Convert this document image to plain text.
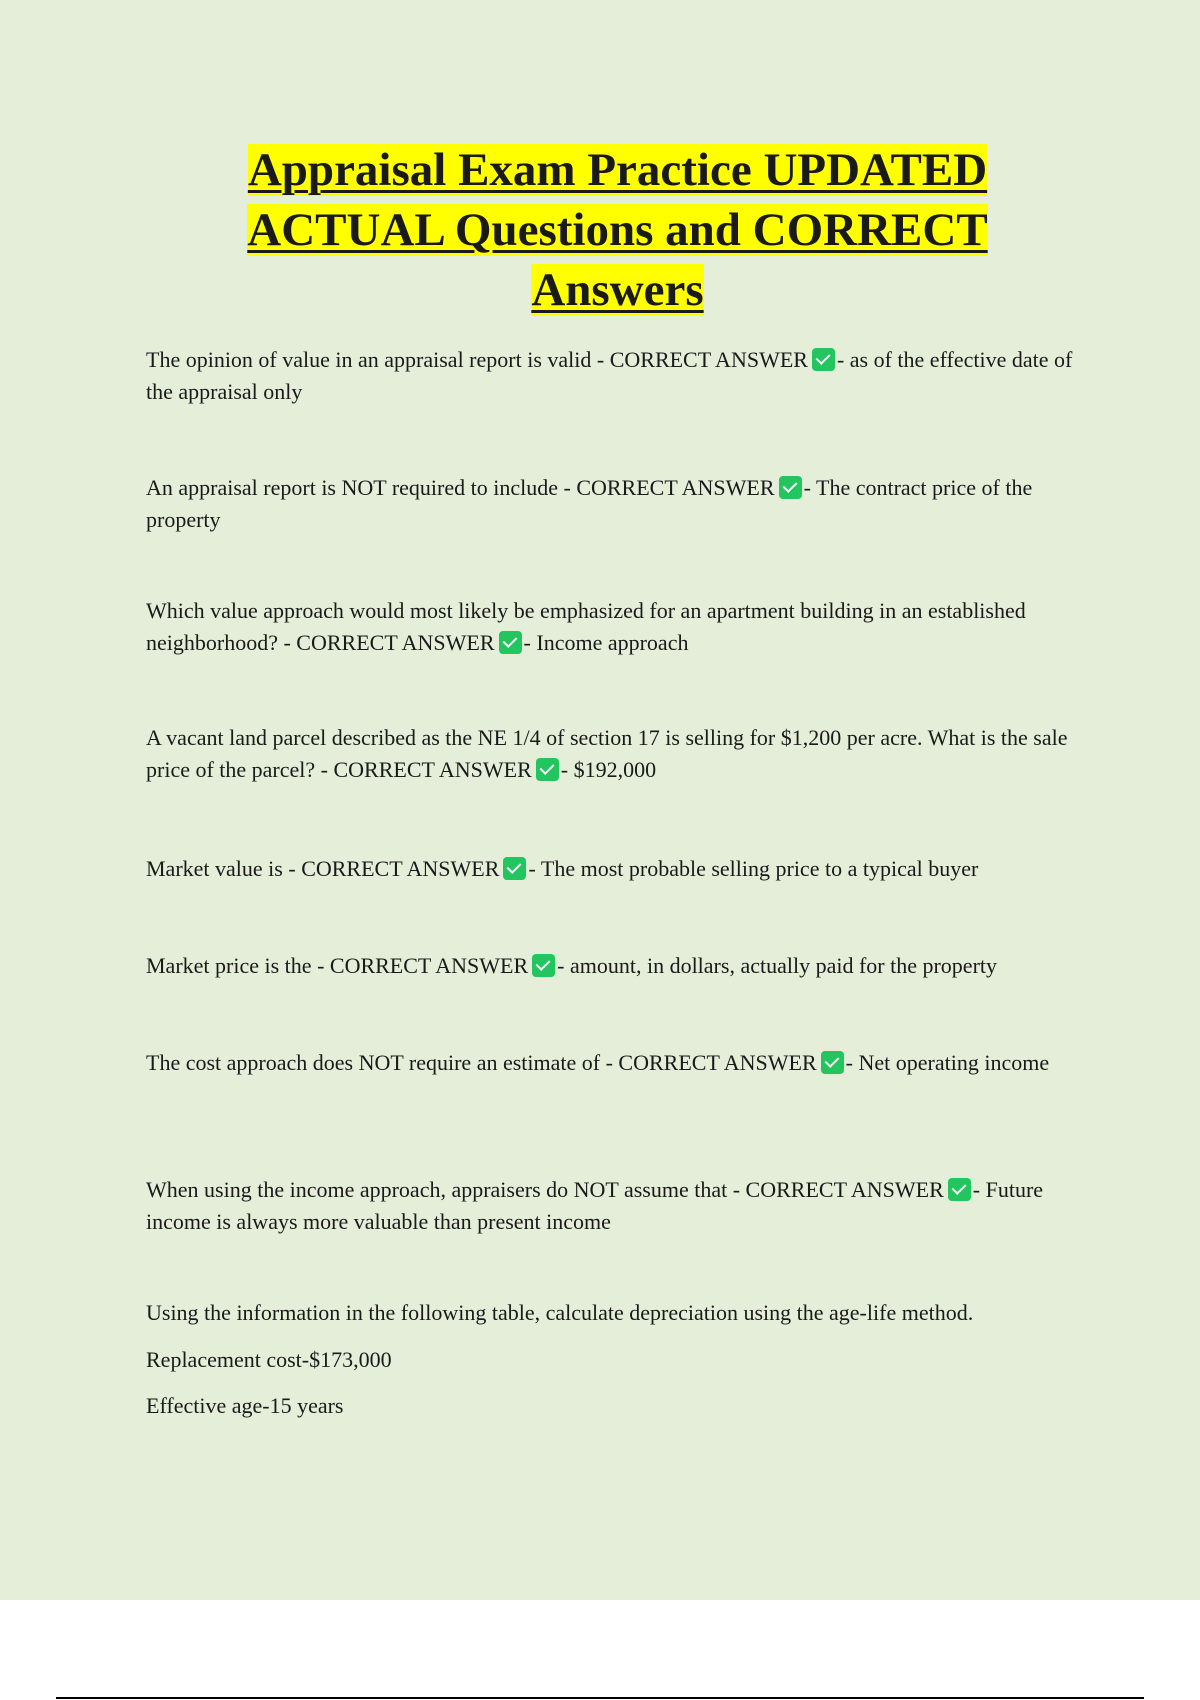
Appraisal Exam Practice UPDATED
ACTUAL Questions and CORRECT
Answers
The opinion of value in an appraisal report is valid - CORRECT ANSWER - as of the effective date of the appraisal only
An appraisal report is NOT required to include - CORRECT ANSWER - The contract price of the property
Which value approach would most likely be emphasized for an apartment building in an established neighborhood? - CORRECT ANSWER - Income approach
A vacant land parcel described as the NE 1/4 of section 17 is selling for $1,200 per acre. What is the sale price of the parcel? - CORRECT ANSWER - $192,000
Market value is - CORRECT ANSWER - The most probable selling price to a typical buyer
Market price is the - CORRECT ANSWER - amount, in dollars, actually paid for the property
The cost approach does NOT require an estimate of - CORRECT ANSWER - Net operating income
When using the income approach, appraisers do NOT assume that - CORRECT ANSWER - Future income is always more valuable than present income
Using the information in the following table, calculate depreciation using the age-life method.
Replacement cost-$173,000
Effective age-15 years
